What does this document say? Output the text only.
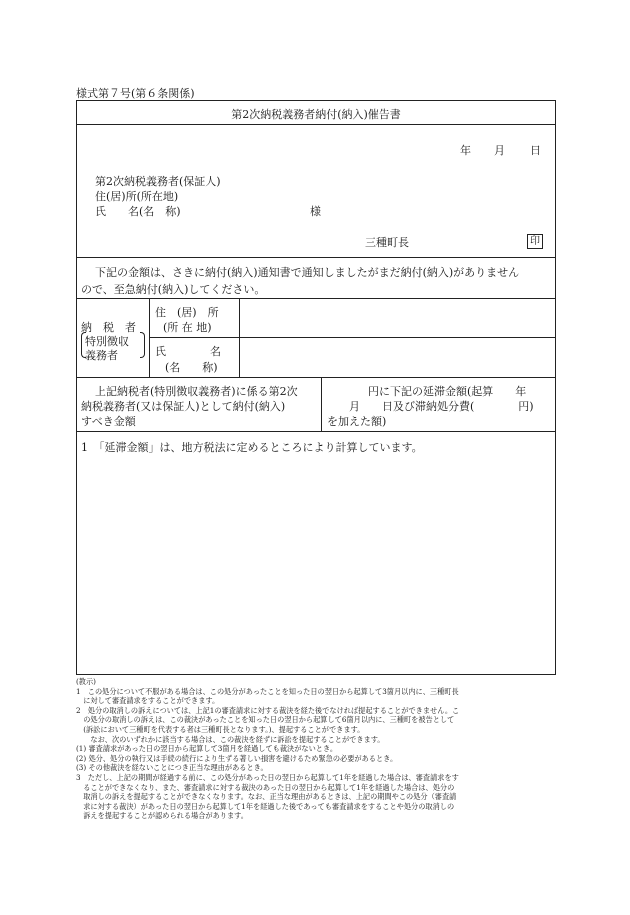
様式第７号(第６条関係)
第2次納税義務者納付(納入)催告書
年 月 日
第2次納税義務者(保証人)
住(居)所(所在地)
氏　　名(名　称)	様
三種町長	印
下記の金額は、さきに納付(納入)通知書で通知しましたがまだ納付(納入)がありません
ので、至急納付(納入)してください。
納　税　者
特別徴収
義務者
住　(居)　所
(所 在 地)
氏　　　　名
(名　　称)
上記納税者(特別徴収義務者)に係る第2次
納税義務者(又は保証人)として納付(納入)
すべき金額
円に下記の延滞金額(起算　　年
月　　日及び滞納処分費(　　　　円)
を加えた額)
1　「延滞金額」は、地方税法に定めるところにより計算しています。
(教示)
1　この処分について不服がある場合は、この処分があったことを知った日の翌日から起算して3箇月以内に、三種町長
　に対して審査請求をすることができます。
2　処分の取消しの訴えについては、上記1の審査請求に対する裁決を経た後でなければ提起することができません。こ
　の処分の取消しの訴えは、この裁決があったことを知った日の翌日から起算して6箇月以内に、三種町を被告として
　(訴訟において三種町を代表する者は三種町長となります。)、提起することができます。
　　なお、次のいずれかに該当する場合は、この裁決を経ずに訴訟を提起することができます。
(1) 審査請求があった日の翌日から起算して3箇月を経過しても裁決がないとき。
(2) 処分、処分の執行又は手続の続行により生ずる著しい損害を避けるため緊急の必要があるとき。
(3) その他裁決を経ないことにつき正当な理由があるとき。
3　ただし、上記の期間が経過する前に、この処分があった日の翌日から起算して1年を経過した場合は、審査請求をす
　ることができなくなり、また、審査請求に対する裁決のあった日の翌日から起算して1年を経過した場合は、処分の
　取消しの訴えを提起することができなくなります。なお、正当な理由があるときは、上記の期間やこの処分（審査請
　求に対する裁決）があった日の翌日から起算して1年を経過した後であっても審査請求をすることや処分の取消しの
　訴えを提起することが認められる場合があります。
